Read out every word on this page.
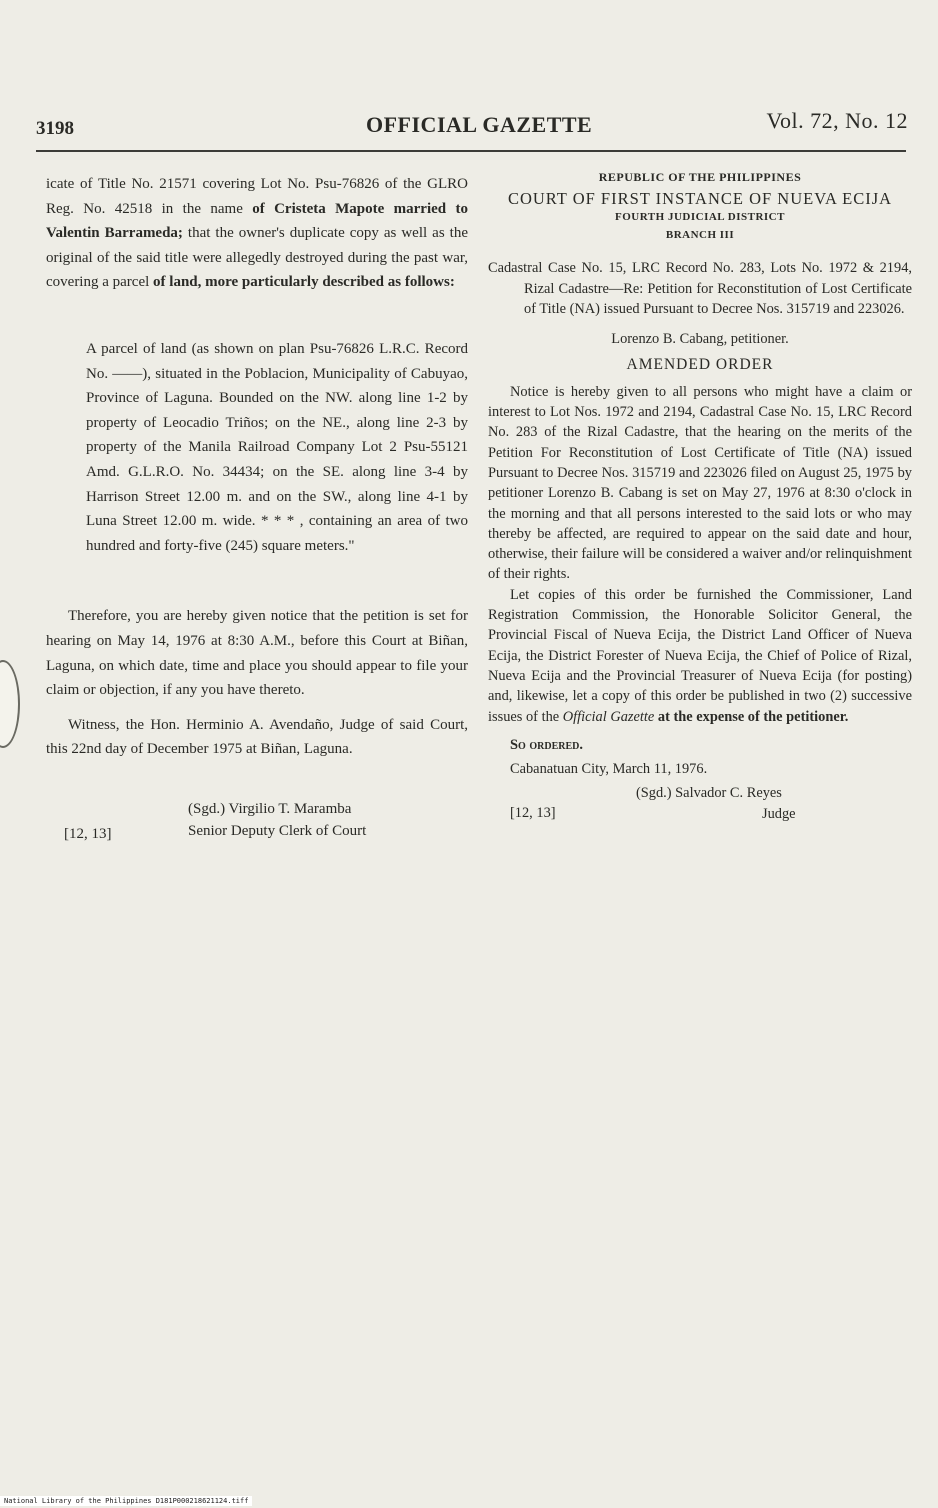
3198	OFFICIAL GAZETTE	Vol. 72, No. 12

icate of Title No. 21571 covering Lot No. Psu-76826 of the GLRO Reg. No. 42518 in the name of Cristeta Mapote married to Valentin Barrameda; that the owner's duplicate copy as well as the original of the said title were allegedly destroyed during the past war, covering a parcel of land, more particularly described as follows:

A parcel of land (as shown on plan Psu-76826 L.R.C. Record No. ——), situated in the Poblacion, Municipality of Cabuyao, Province of Laguna. Bounded on the NW. along line 1-2 by property of Leocadio Triños; on the NE., along line 2-3 by property of the Manila Railroad Company Lot 2 Psu-55121 Amd. G.L.R.O. No. 34434; on the SE. along line 3-4 by Harrison Street 12.00 m. and on the SW., along line 4-1 by Luna Street 12.00 m. wide. * * * , containing an area of two hundred and forty-five (245) square meters."

Therefore, you are hereby given notice that the petition is set for hearing on May 14, 1976 at 8:30 A.M., before this Court at Biñan, Laguna, on which date, time and place you should appear to file your claim or objection, if any you have thereto.

Witness, the Hon. Herminio A. Avendaño, Judge of said Court, this 22nd day of December 1975 at Biñan, Laguna.

[12, 13]
(Sgd.) Virgilio T. Maramba
Senior Deputy Clerk of Court

REPUBLIC OF THE PHILIPPINES

COURT OF FIRST INSTANCE OF NUEVA ECIJA

FOURTH JUDICIAL DISTRICT

BRANCH III

Cadastral Case No. 15, LRC Record No. 283, Lots No. 1972 & 2194, Rizal Cadastre—Re: Petition for Reconstitution of Lost Certificate of Title (NA) issued Pursuant to Decree Nos. 315719 and 223026.

Lorenzo B. Cabang, petitioner.

AMENDED ORDER

Notice is hereby given to all persons who might have a claim or interest to Lot Nos. 1972 and 2194, Cadastral Case No. 15, LRC Record No. 283 of the Rizal Cadastre, that the hearing on the merits of the Petition For Reconstitution of Lost Certificate of Title (NA) issued Pursuant to Decree Nos. 315719 and 223026 filed on August 25, 1975 by petitioner Lorenzo B. Cabang is set on May 27, 1976 at 8:30 o'clock in the morning and that all persons interested to the said lots or who may thereby be affected, are required to appear on the said date and hour, otherwise, their failure will be considered a waiver and/or relinquishment of their rights.

Let copies of this order be furnished the Commissioner, Land Registration Commission, the Honorable Solicitor General, the Provincial Fiscal of Nueva Ecija, the District Land Officer of Nueva Ecija, the District Forester of Nueva Ecija, the Chief of Police of Rizal, Nueva Ecija and the Provincial Treasurer of Nueva Ecija (for posting) and, likewise, let a copy of this order be published in two (2) successive issues of the Official Gazette at the expense of the petitioner.

So ordered.

Cabanatuan City, March 11, 1976.

[12, 13]
(Sgd.) Salvador C. Reyes
Judge
National Library of the Philippines D181P000218621124.tiff
